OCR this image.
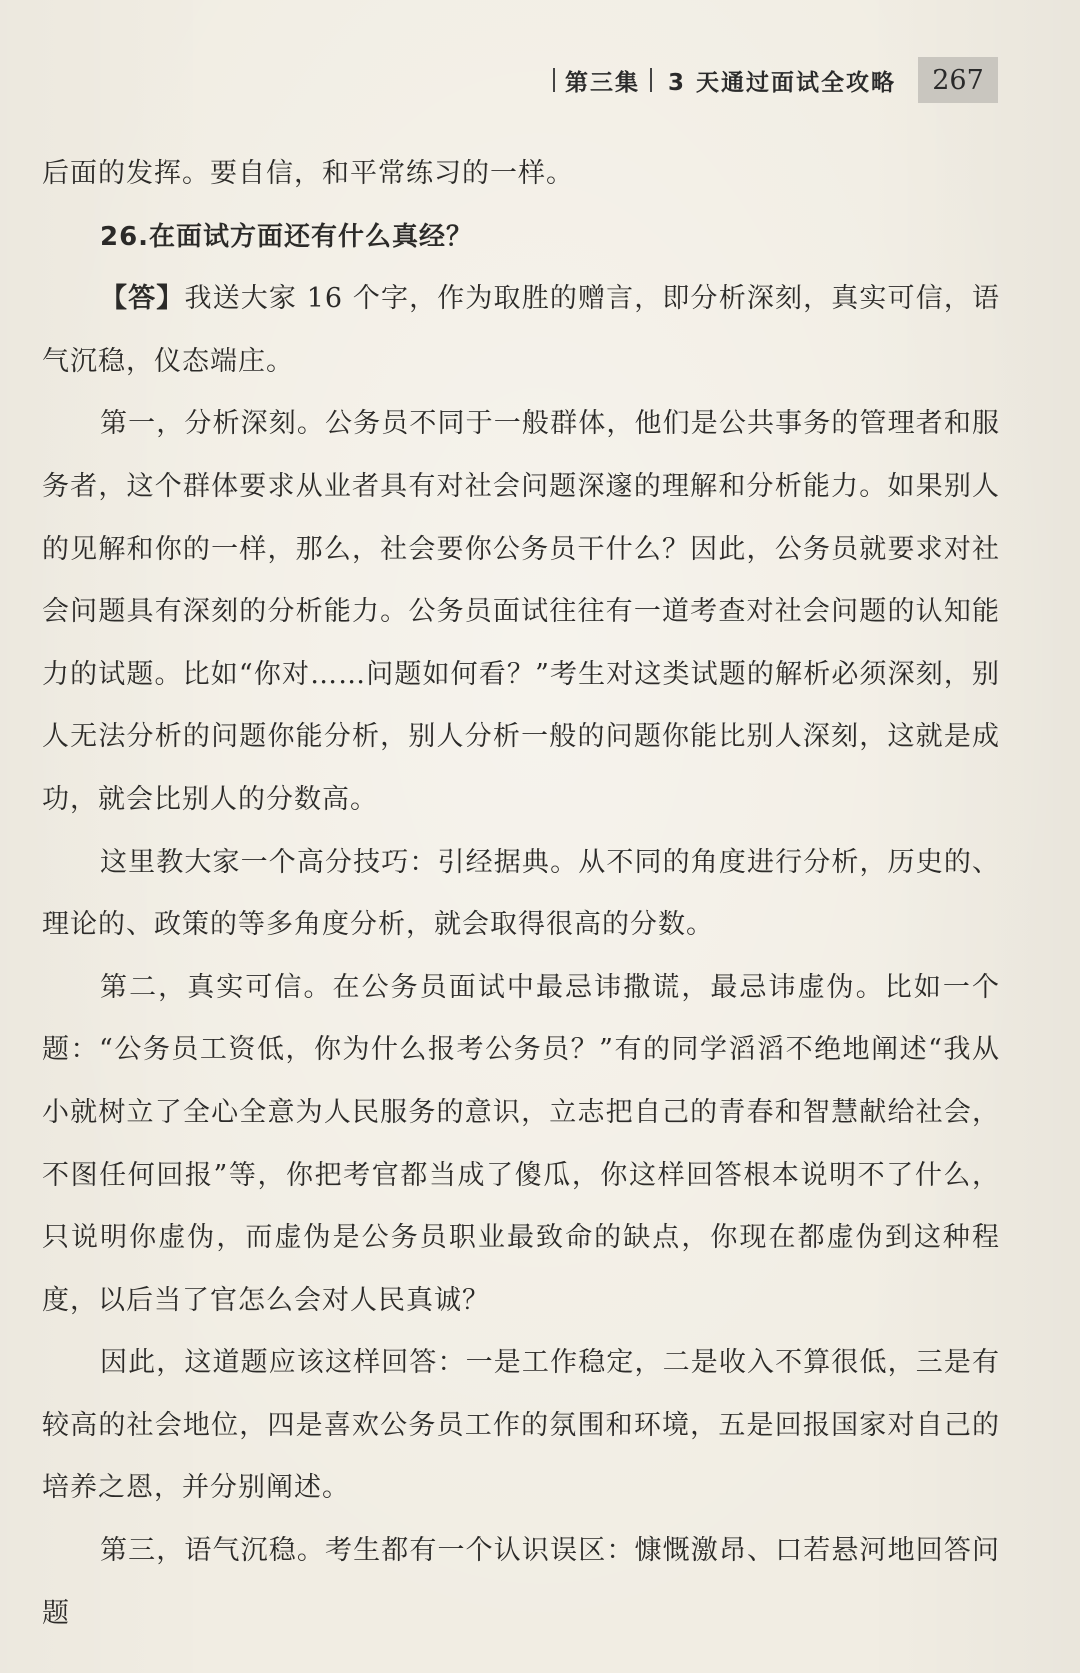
第三集 3 天通过面试全攻略	267

后面的发挥。要自信，和平常练习的一样。

26.在面试方面还有什么真经？

【答】我送大家 16 个字，作为取胜的赠言，即分析深刻，真实可信，语气沉稳，仪态端庄。

第一，分析深刻。公务员不同于一般群体，他们是公共事务的管理者和服务者，这个群体要求从业者具有对社会问题深邃的理解和分析能力。如果别人的见解和你的一样，那么，社会要你公务员干什么？因此，公务员就要求对社会问题具有深刻的分析能力。公务员面试往往有一道考查对社会问题的认知能力的试题。比如“你对……问题如何看？”考生对这类试题的解析必须深刻，别人无法分析的问题你能分析，别人分析一般的问题你能比别人深刻，这就是成功，就会比别人的分数高。

这里教大家一个高分技巧：引经据典。从不同的角度进行分析，历史的、理论的、政策的等多角度分析，就会取得很高的分数。

第二，真实可信。在公务员面试中最忌讳撒谎，最忌讳虚伪。比如一个题：“公务员工资低，你为什么报考公务员？”有的同学滔滔不绝地阐述“我从小就树立了全心全意为人民服务的意识，立志把自己的青春和智慧献给社会，不图任何回报”等，你把考官都当成了傻瓜，你这样回答根本说明不了什么，只说明你虚伪，而虚伪是公务员职业最致命的缺点，你现在都虚伪到这种程度，以后当了官怎么会对人民真诚？

因此，这道题应该这样回答：一是工作稳定，二是收入不算很低，三是有较高的社会地位，四是喜欢公务员工作的氛围和环境，五是回报国家对自己的培养之恩，并分别阐述。

第三，语气沉稳。考生都有一个认识误区：慷慨激昂、口若悬河地回答问题
